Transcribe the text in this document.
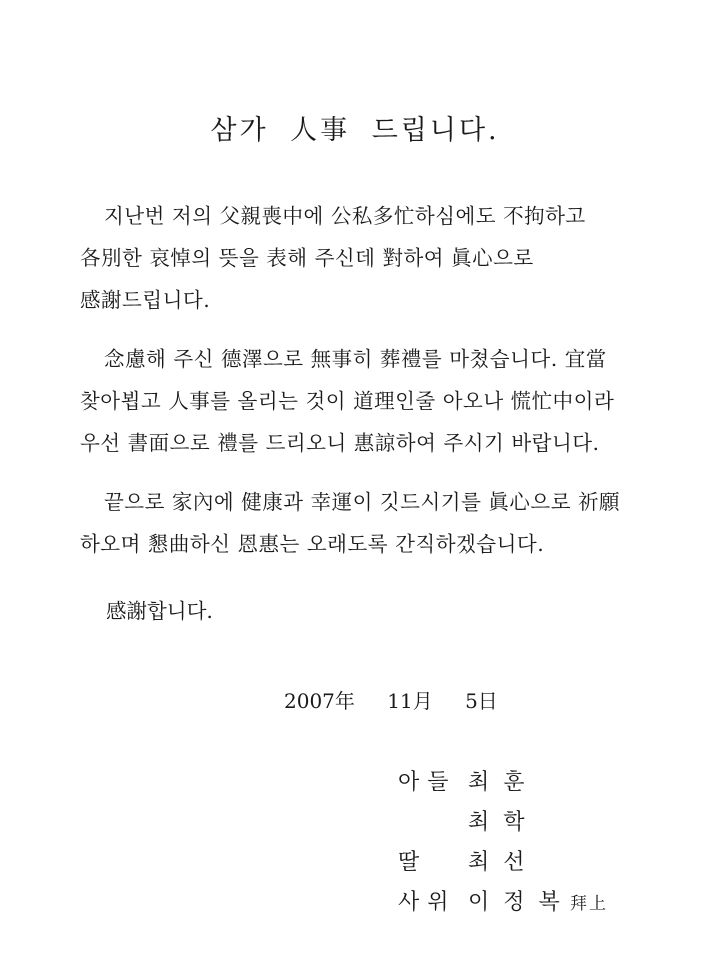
삼가 人事 드립니다.
지난번 저의 父親喪中에 公私多忙하심에도 不拘하고
各別한 哀悼의 뜻을 表해 주신데 對하여 眞心으로
感謝드립니다.
念慮해 주신 德澤으로 無事히 葬禮를 마쳤습니다. 宜當
찾아뵙고 人事를 올리는 것이 道理인줄 아오나 慌忙中이라
우선 書面으로 禮를 드리오니 惠諒하여 주시기 바랍니다.
끝으로 家內에 健康과 幸運이 깃드시기를 眞心으로 祈願
하오며 懇曲하신 恩惠는 오래도록 간직하겠습니다.
感謝합니다.
2007年 11月 5日
아들 최훈
최학
딸	최선
사위 이정복
拜上
